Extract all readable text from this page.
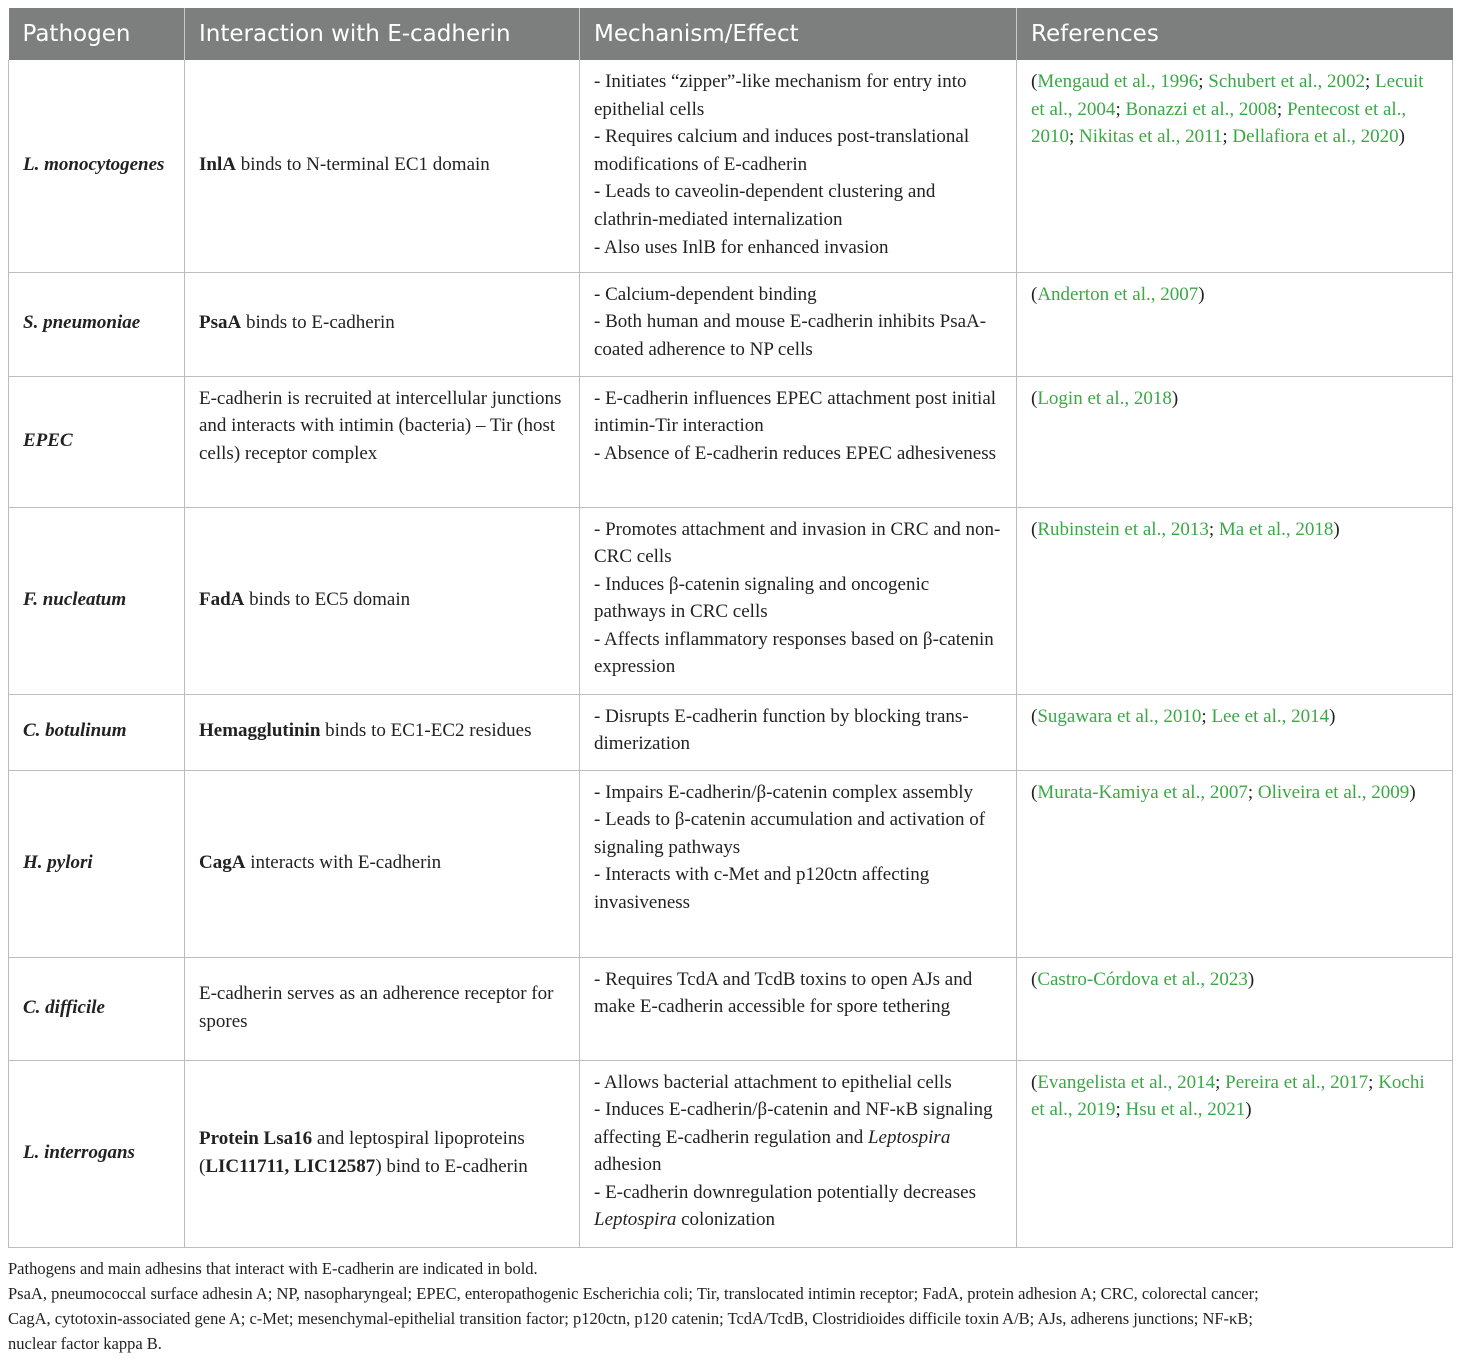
Pathogen	Interaction with E-cadherin	Mechanism/Effect	References
L. monocytogenes	InlA binds to N-terminal EC1 domain	- Initiates “zipper”-like mechanism for entry into epithelial cells
- Requires calcium and induces post-translational modifications of E-cadherin
- Leads to caveolin-dependent clustering and clathrin-mediated internalization
- Also uses InlB for enhanced invasion	(Mengaud et al., 1996; Schubert et al., 2002; Lecuit et al., 2004; Bonazzi et al., 2008; Pentecost et al., 2010; Nikitas et al., 2011; Dellafiora et al., 2020)
S. pneumoniae	PsaA binds to E-cadherin	- Calcium-dependent binding
- Both human and mouse E-cadherin inhibits PsaA-coated adherence to NP cells	(Anderton et al., 2007)
EPEC	E-cadherin is recruited at intercellular junctions and interacts with intimin (bacteria) – Tir (host cells) receptor complex	- E-cadherin influences EPEC attachment post initial intimin-Tir interaction
- Absence of E-cadherin reduces EPEC adhesiveness	(Login et al., 2018)
F. nucleatum	FadA binds to EC5 domain	- Promotes attachment and invasion in CRC and non-CRC cells
- Induces β-catenin signaling and oncogenic pathways in CRC cells
- Affects inflammatory responses based on β-catenin expression	(Rubinstein et al., 2013; Ma et al., 2018)
C. botulinum	Hemagglutinin binds to EC1-EC2 residues	- Disrupts E-cadherin function by blocking trans-dimerization	(Sugawara et al., 2010; Lee et al., 2014)
H. pylori	CagA interacts with E-cadherin	- Impairs E-cadherin/β-catenin complex assembly
- Leads to β-catenin accumulation and activation of signaling pathways
- Interacts with c-Met and p120ctn affecting invasiveness	(Murata-Kamiya et al., 2007; Oliveira et al., 2009)
C. difficile	E-cadherin serves as an adherence receptor for spores	- Requires TcdA and TcdB toxins to open AJs and make E-cadherin accessible for spore tethering	(Castro-Córdova et al., 2023)
L. interrogans	Protein Lsa16 and leptospiral lipoproteins (LIC11711, LIC12587) bind to E-cadherin	- Allows bacterial attachment to epithelial cells
- Induces E-cadherin/β-catenin and NF-κB signaling affecting E-cadherin regulation and Leptospira adhesion
- E-cadherin downregulation potentially decreases Leptospira colonization	(Evangelista et al., 2014; Pereira et al., 2017; Kochi et al., 2019; Hsu et al., 2021)
Pathogens and main adhesins that interact with E-cadherin are indicated in bold.
PsaA, pneumococcal surface adhesin A; NP, nasopharyngeal; EPEC, enteropathogenic Escherichia coli; Tir, translocated intimin receptor; FadA, protein adhesion A; CRC, colorectal cancer;
CagA, cytotoxin-associated gene A; c-Met; mesenchymal-epithelial transition factor; p120ctn, p120 catenin; TcdA/TcdB, Clostridioides difficile toxin A/B; AJs, adherens junctions; NF-κB;
nuclear factor kappa B.
